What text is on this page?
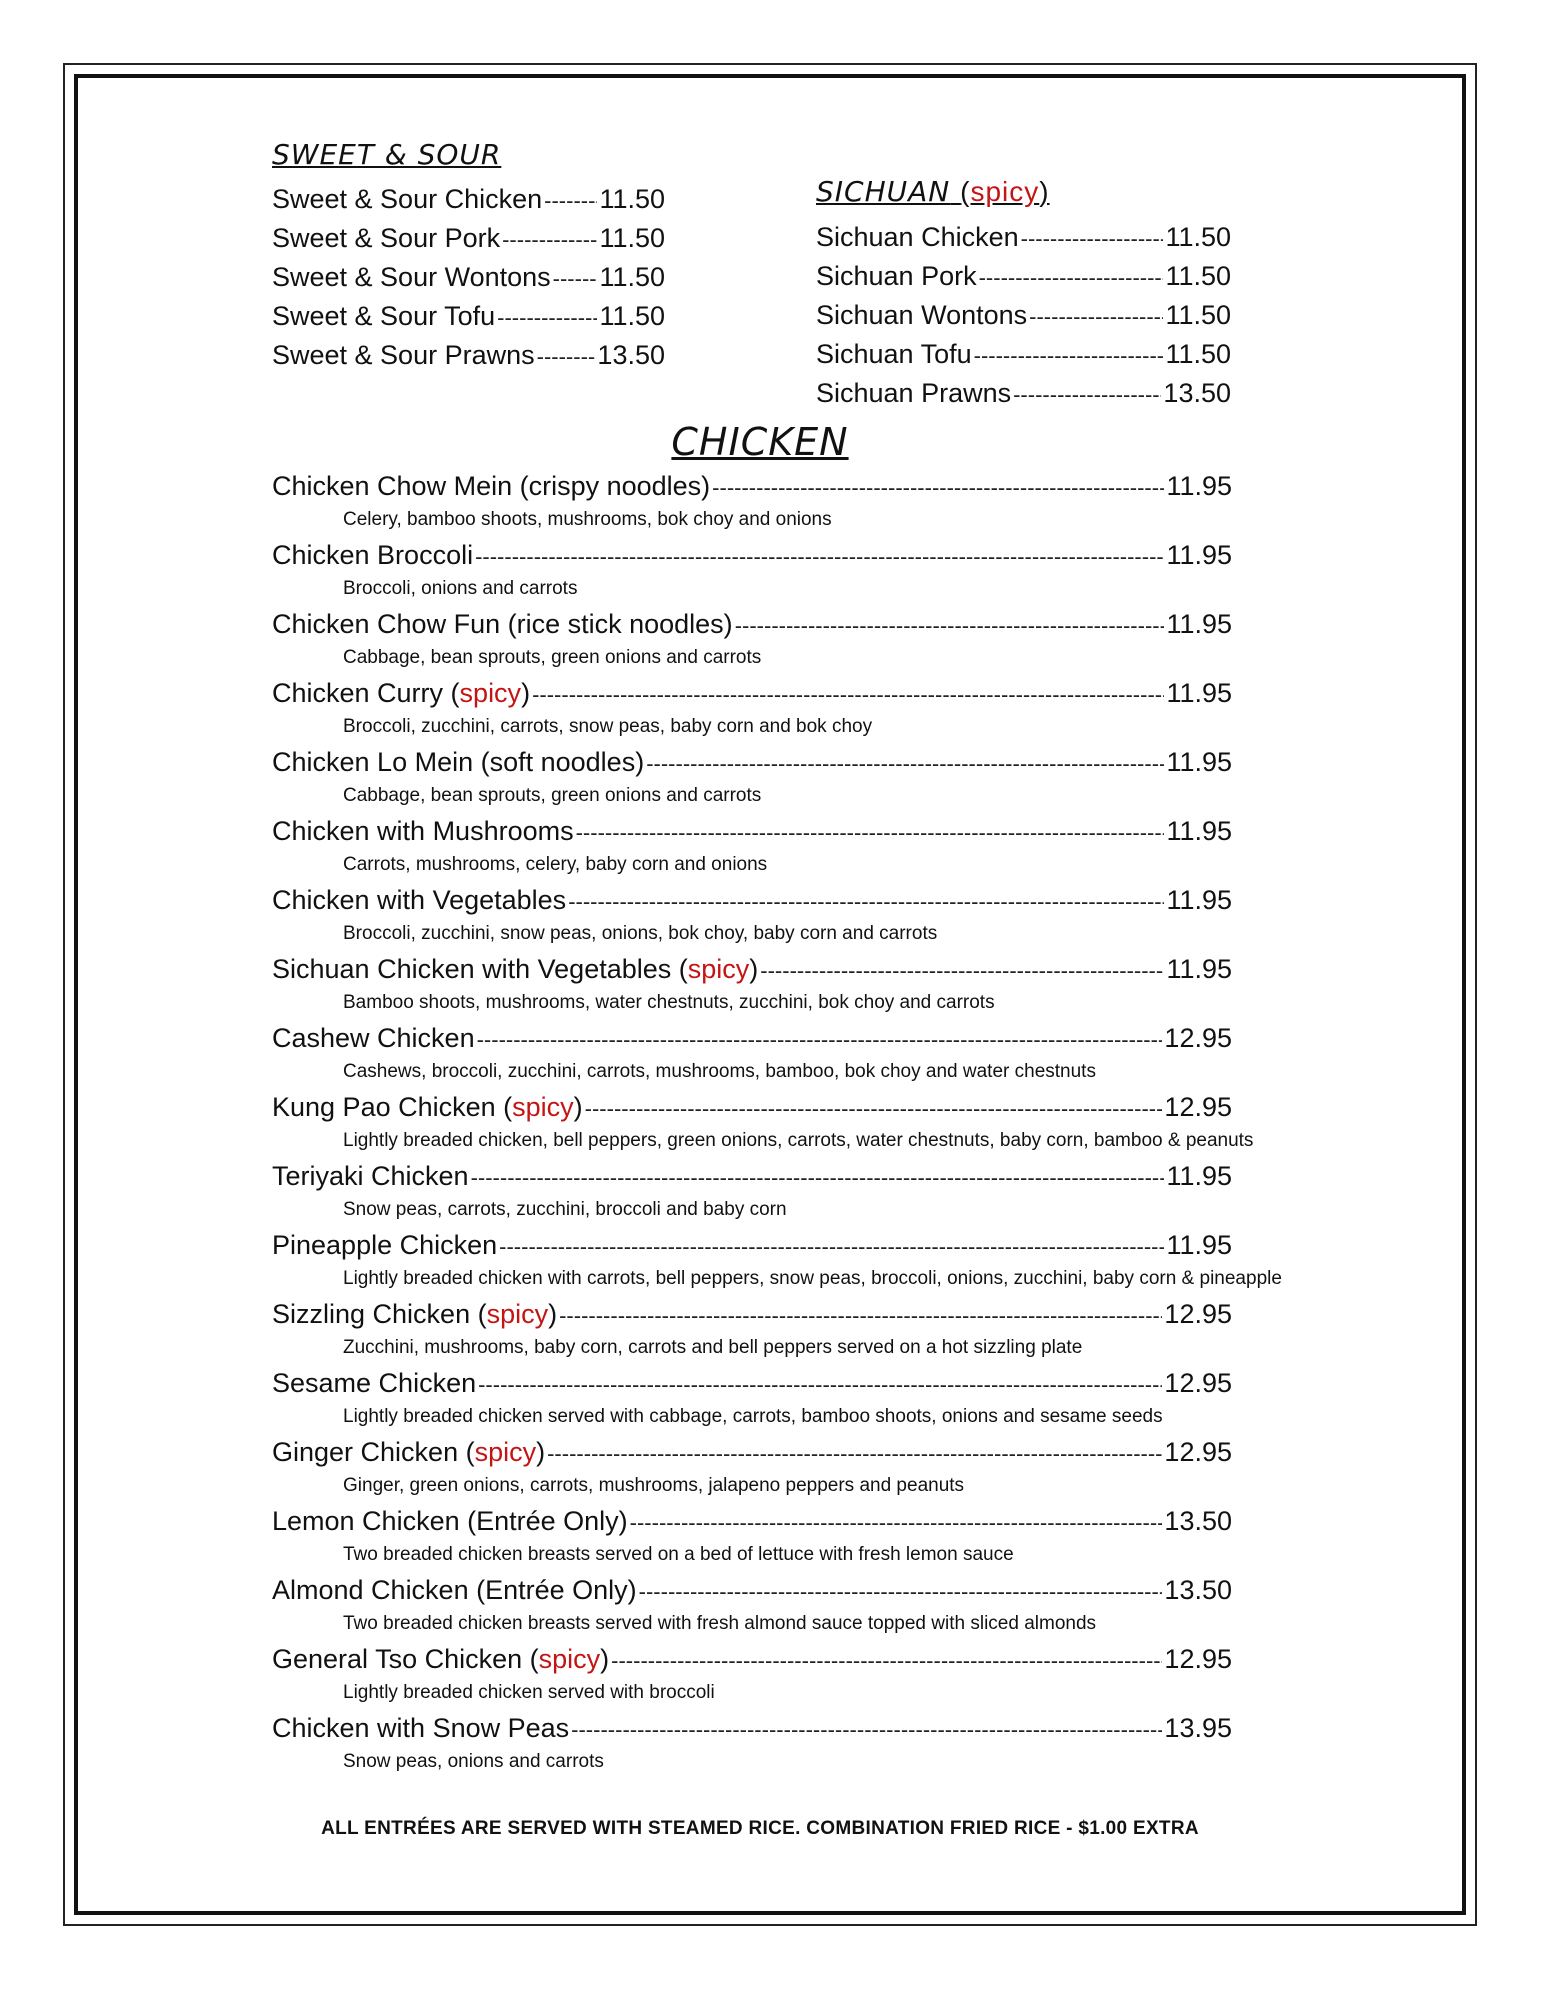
SWEET & SOUR
Sweet & Sour Chicken ----- 11.50
Sweet & Sour Pork -----	11.50
Sweet & Sour Wontons ----- 11.50
Sweet & Sour Tofu -----	11.50
Sweet & Sour Prawns ----- 13.50
SICHUAN (spicy)
Sichuan Chicken -----	11.50
Sichuan Pork -----	11.50
Sichuan Wontons -----	11.50
Sichuan Tofu -----	11.50
Sichuan Prawns -----	13.50
CHICKEN
Chicken Chow Mein (crispy noodles) -----	11.95
Celery, bamboo shoots, mushrooms, bok choy and onions
Chicken Broccoli -----	11.95
Broccoli, onions and carrots
Chicken Chow Fun (rice stick noodles) -----	11.95
Cabbage, bean sprouts, green onions and carrots
Chicken Curry (spicy) -----	11.95
Broccoli, zucchini, carrots, snow peas, baby corn and bok choy
Chicken Lo Mein (soft noodles) -----	11.95
Cabbage, bean sprouts, green onions and carrots
Chicken with Mushrooms -----	11.95
Carrots, mushrooms, celery, baby corn and onions
Chicken with Vegetables -----	11.95
Broccoli, zucchini, snow peas, onions, bok choy, baby corn and carrots
Sichuan Chicken with Vegetables (spicy) -----	11.95
Bamboo shoots, mushrooms, water chestnuts, zucchini, bok choy and carrots
Cashew Chicken -----	12.95
Cashews, broccoli, zucchini, carrots, mushrooms, bamboo, bok choy and water chestnuts
Kung Pao Chicken (spicy) -----	12.95
Lightly breaded chicken, bell peppers, green onions, carrots, water chestnuts, baby corn, bamboo & peanuts
Teriyaki Chicken -----	11.95
Snow peas, carrots, zucchini, broccoli and baby corn
Pineapple Chicken -----	11.95
Lightly breaded chicken with carrots, bell peppers, snow peas, broccoli, onions, zucchini, baby corn & pineapple
Sizzling Chicken (spicy) -----	12.95
Zucchini, mushrooms, baby corn, carrots and bell peppers served on a hot sizzling plate
Sesame Chicken -----	12.95
Lightly breaded chicken served with cabbage, carrots, bamboo shoots, onions and sesame seeds
Ginger Chicken (spicy) -----	12.95
Ginger, green onions, carrots, mushrooms, jalapeno peppers and peanuts
Lemon Chicken (Entrée Only) -----	13.50
Two breaded chicken breasts served on a bed of lettuce with fresh lemon sauce
Almond Chicken (Entrée Only) -----	13.50
Two breaded chicken breasts served with fresh almond sauce topped with sliced almonds
General Tso Chicken (spicy) -----	12.95
Lightly breaded chicken served with broccoli
Chicken with Snow Peas -----	13.95
Snow peas, onions and carrots
ALL ENTRÉES ARE SERVED WITH STEAMED RICE. COMBINATION FRIED RICE - $1.00 EXTRA
